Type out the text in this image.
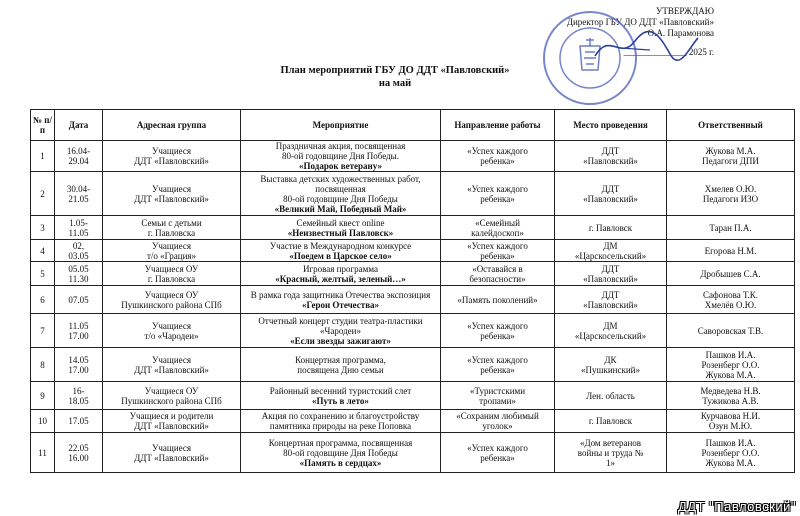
УТВЕРЖДАЮ
Директор ГБУ ДО ДДТ «Павловский»
О.А. Парамонова
______________ 2025 г.
План мероприятий ГБУ ДО ДДТ «Павловский»
на май
№ п/п	Дата	Адресная группа	Мероприятие	Направление работы	Место проведения	Ответственный
1	16.04-
29.04	Учащиеся
ДДТ «Павловский»	Праздничная акция, посвященная
80-ой годовщине Дня Победы.
«Подарок ветерану»	«Успех каждого
ребенка»	ДДТ
«Павловский»	Жукова М.А.
Педагоги ДПИ
2	30.04-
21.05	Учащиеся
ДДТ «Павловский»	Выставка детских художественных работ,
посвященная
80-ой годовщине Дня Победы
«Великий Май, Победный Май»	«Успех каждого
ребенка»	ДДТ
«Павловский»	Хмелев О.Ю.
Педагоги ИЗО
3	1.05-
11.05	Семьи с детьми
г. Павловска	Семейный квест online
«Неизвестный Павловск»	«Семейный
калейдоскоп»	г. Павловск	Таран П.А.
4	02,
03.05	Учащиеся
т/о «Грация»	Участие в Международном конкурсе
«Поедем в Царское село»	«Успех каждого
ребенка»	ДМ
«Царскосельский»	Егорова Н.М.
5	05.05
11.30	Учащиеся ОУ
г. Павловска	Игровая программа
«Красный, желтый, зеленый…»	«Оставайся в
безопасности»	ДДТ
«Павловский»	Дробышев С.А.
6	07.05	Учащиеся ОУ
Пушкинского района СПб	В рамка года защитника Отечества экспозиция
«Герои Отечества»	«Память поколений»	ДДТ
«Павловский»	Сафонова Т.К.
Хмелёв О.Ю.
7	11.05
17.00	Учащиеся
т/о «Чародеи»	Отчетный концерт студии театра-пластики
«Чародеи»
«Если звезды зажигают»	«Успех каждого
ребенка»	ДМ
«Царскосельский»	Саворовская Т.В.
8	14.05
17.00	Учащиеся
ДДТ «Павловский»	Концертная программа,
посвящена Дню семьи	«Успех каждого
ребенка»	ДК
«Пушкинский»	Пашков И.А.
Розенберг О.О.
Жукова М.А.
9	16-
18.05	Учащиеся ОУ
Пушкинского района СПб	Районный весенний туристский слет
«Путь в лето»	«Туристскими
тропами»	Лен. область	Медведева Н.В.
Тужикова А.В.
10	17.05	Учащиеся и родители
ДДТ «Павловский»	Акция по сохранению и благоустройству
памятника природы на реке Поповка	«Сохраним любимый
уголок»	г. Павловск	Курчавова Н.И.
Озун М.Ю.
11	22.05
16.00	Учащиеся
ДДТ «Павловский»	Концертная программа, посвященная
80-ой годовщине Дня Победы
«Память в сердцах»	«Успех каждого
ребенка»	«Дом ветеранов
войны и труда №
1»	Пашков И.А.
Розенберг О.О.
Жукова М.А.
ДДТ "Павловский"
